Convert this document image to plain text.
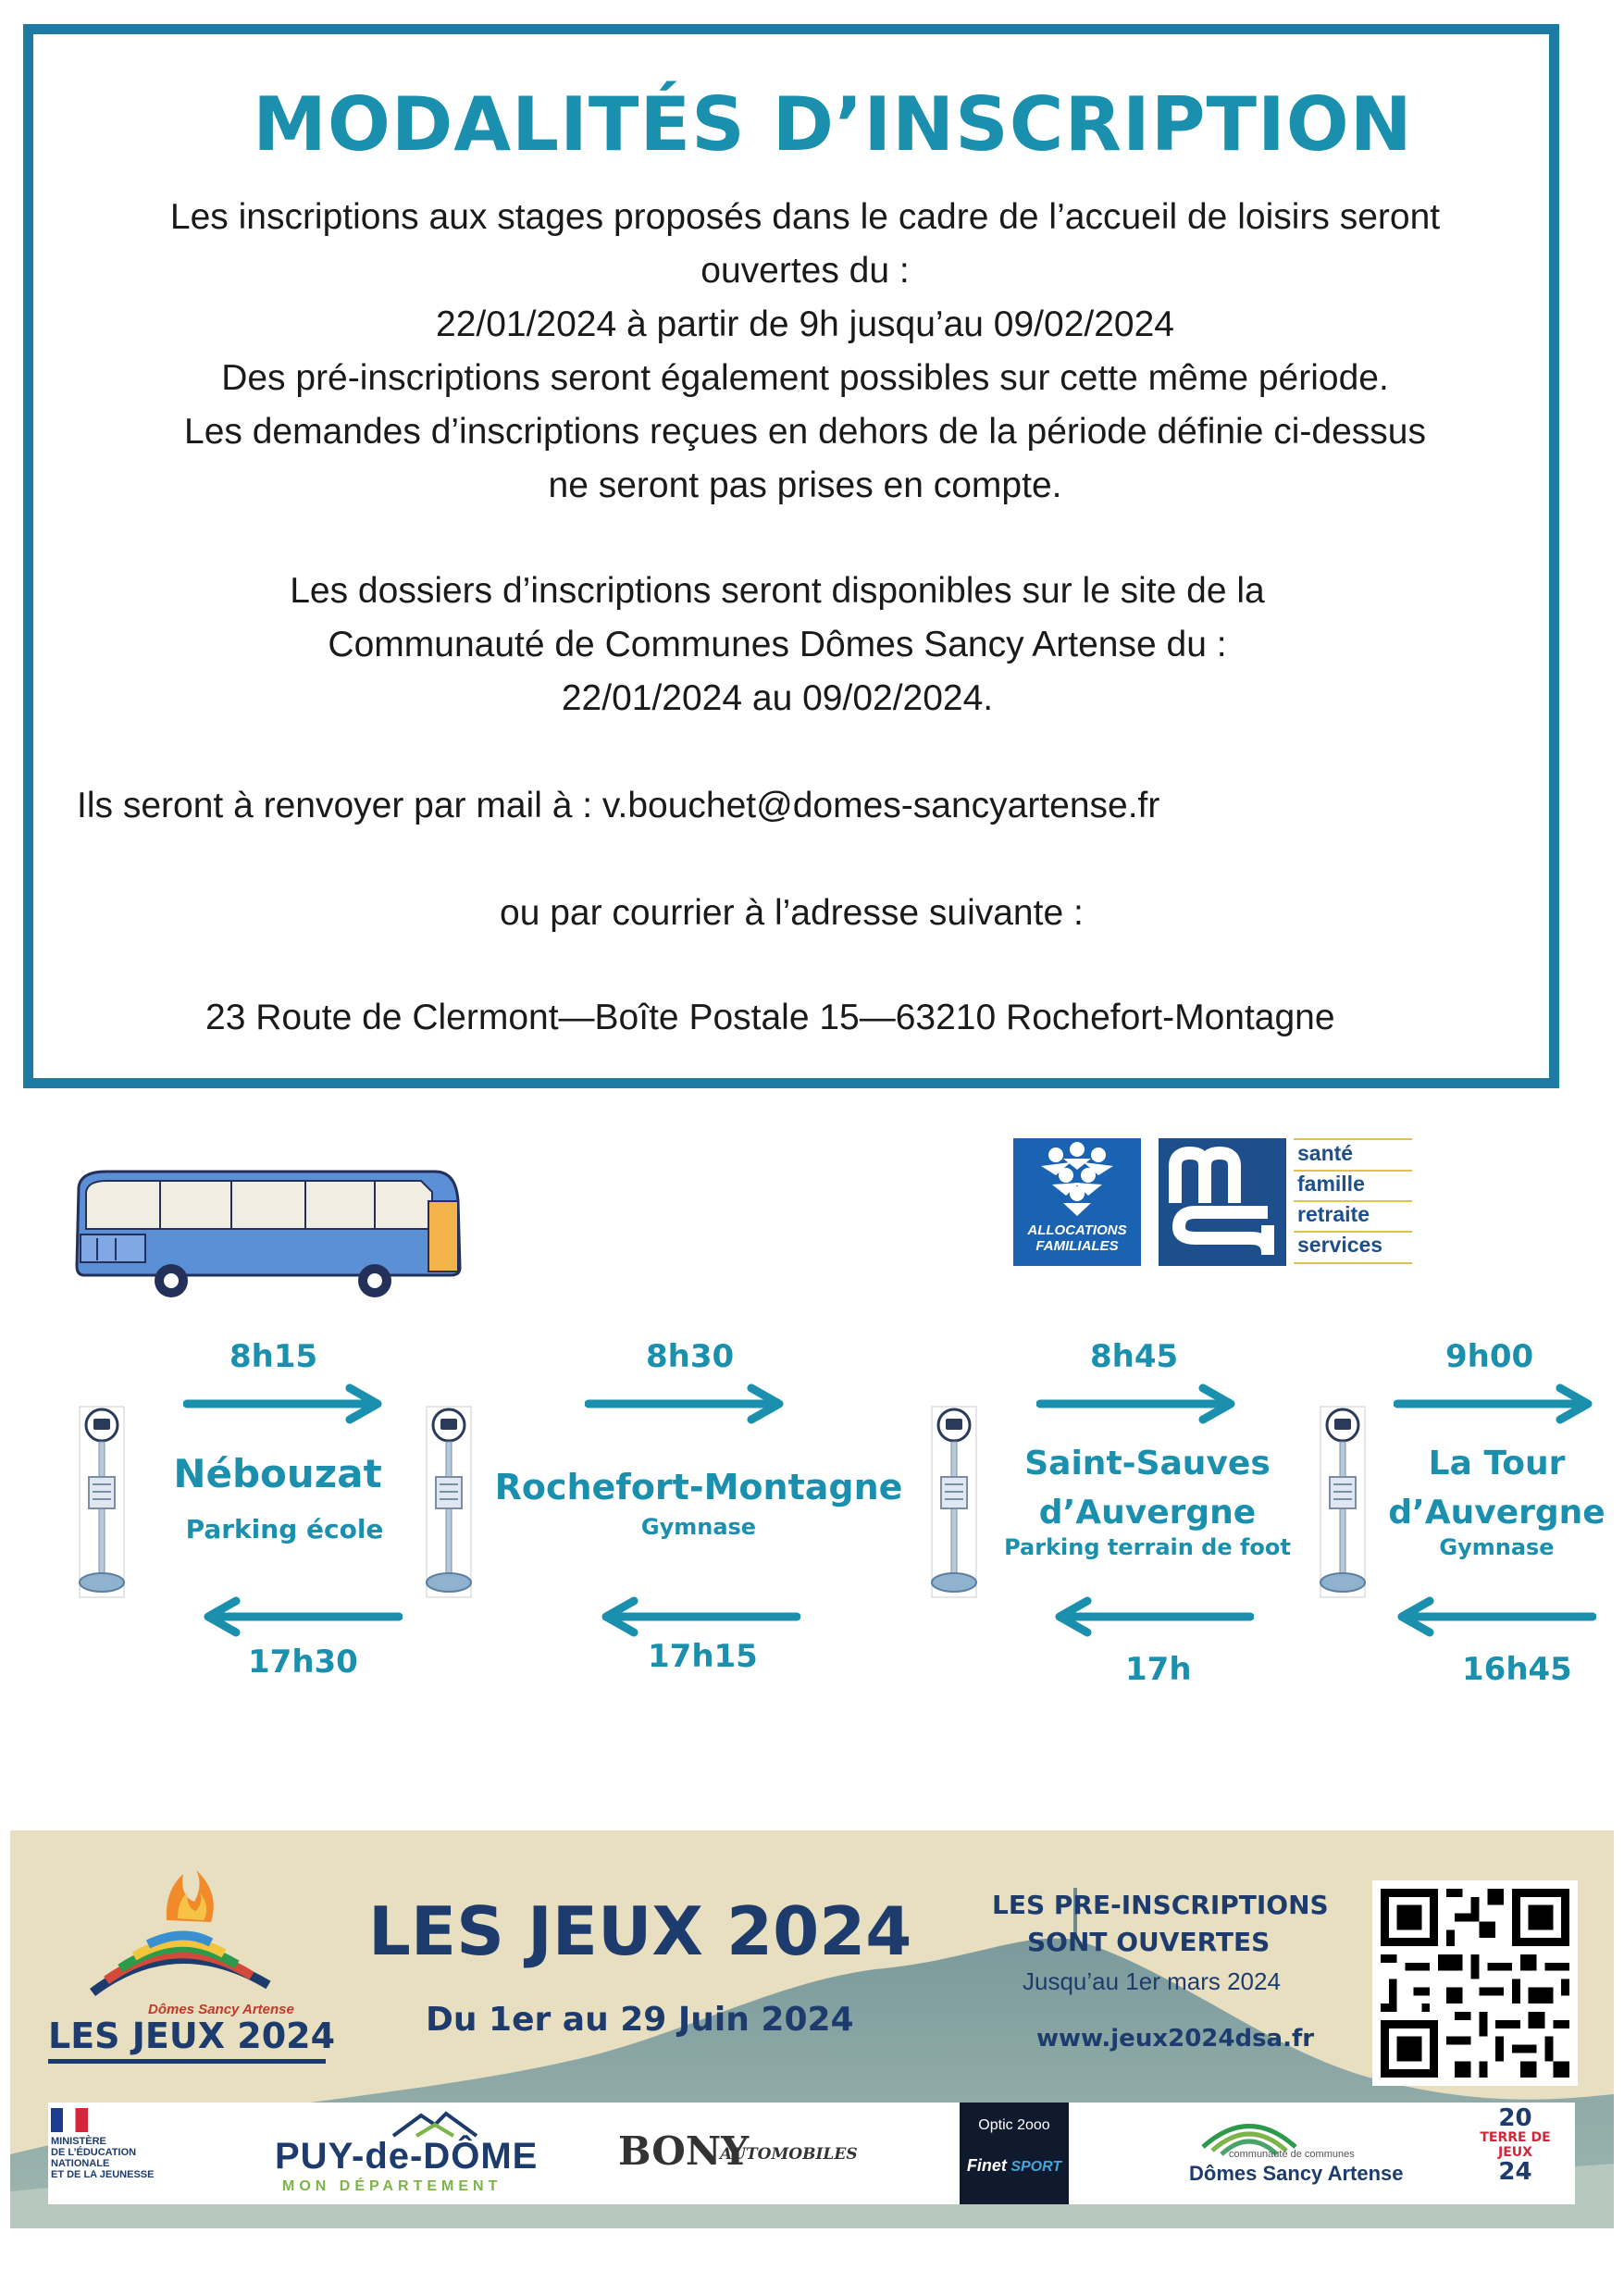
MODALITÉS D’INSCRIPTION
Les inscriptions aux stages proposés dans le cadre de l’accueil de loisirs seront
ouvertes du :
22/01/2024 à partir de 9h jusqu’au 09/02/2024
Des pré-inscriptions seront également possibles sur cette même période.
Les demandes d’inscriptions reçues en dehors de la période définie ci-dessus
ne seront pas prises en compte.
Les dossiers d’inscriptions seront disponibles sur le site de la
Communauté de Communes Dômes Sancy Artense du :
22/01/2024 au 09/02/2024.
Ils seront à renvoyer par mail à : v.bouchet@domes-sancyartense.fr
ou par courrier à l’adresse suivante :
23 Route de Clermont—Boîte Postale 15—63210 Rochefort-Montagne
ALLOCATIONS
FAMILIALES
santé
famille
retraite
services
8h15	8h30	8h45	9h00
Nébouzat
Parking école
Rochefort-Montagne
Gymnase
Saint-Sauves
d’Auvergne
Parking terrain de foot
La Tour
d’Auvergne
Gymnase
17h30	17h15	17h	16h45
Dômes Sancy Artense
LES JEUX 2024
LES JEUX 2024
Du 1er au 29 Juin 2024
LES PRE-INSCRIPTIONS
SONT OUVERTES
Jusqu’au 1er mars 2024
www.jeux2024dsa.fr
MINISTÈRE
DE L’ÉDUCATION
NATIONALE
ET DE LA JEUNESSE	PUY-de-DÔME
MON DÉPARTEMENT
BONY
AUTOMOBILES
Optic 2ooo
Finet SPORT
communauté de communes
Dômes Sancy Artense
20
TERRE DE JEUX
24
